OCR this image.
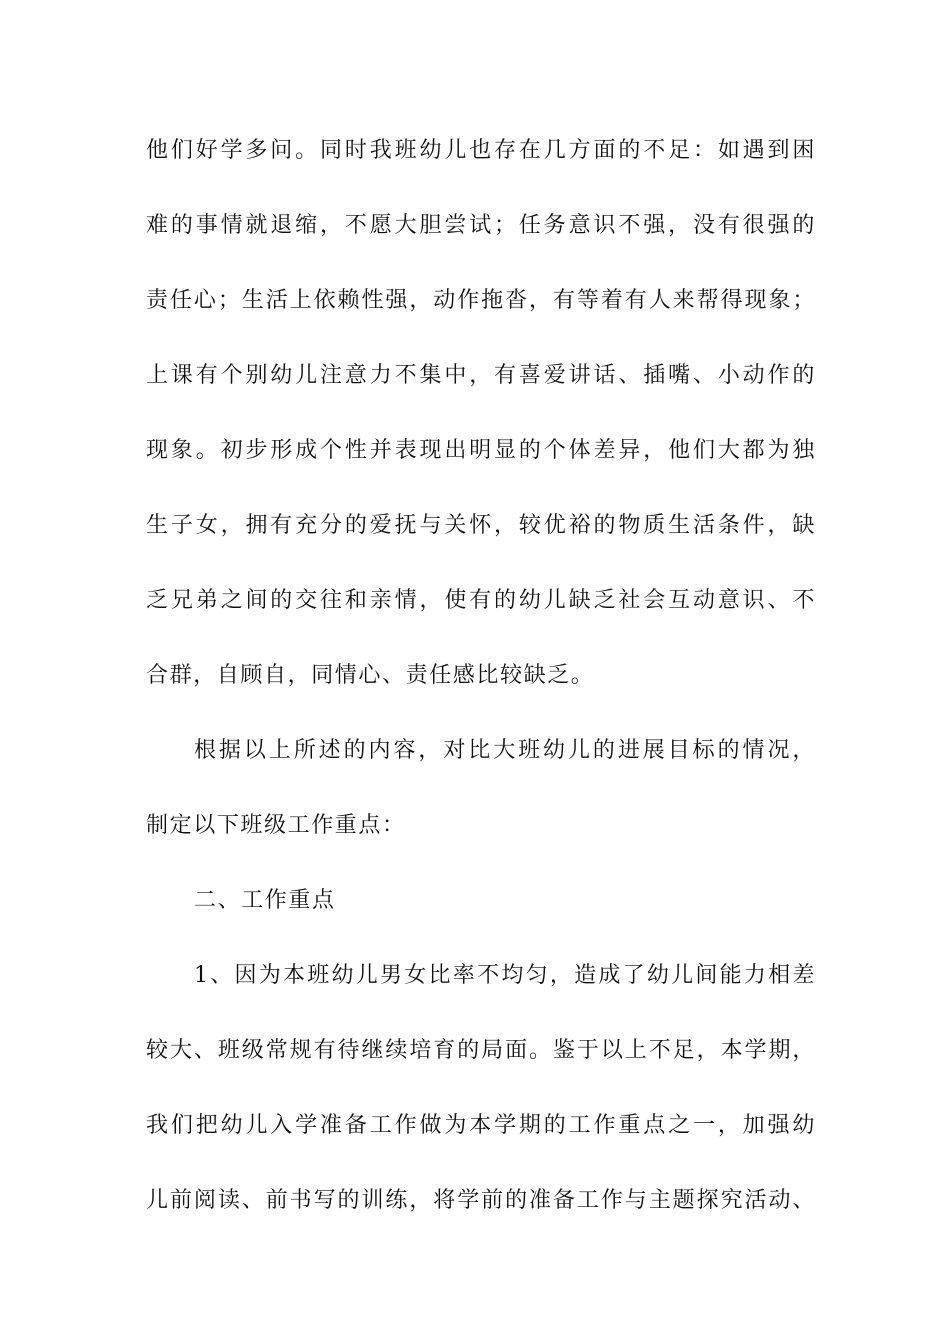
他们好学多问。同时我班幼儿也存在几方面的不足：如遇到困
难的事情就退缩，不愿大胆尝试；任务意识不强，没有很强的
责任心；生活上依赖性强，动作拖沓，有等着有人来帮得现象；
上课有个别幼儿注意力不集中，有喜爱讲话、插嘴、小动作的
现象。初步形成个性并表现出明显的个体差异，他们大都为独
生子女，拥有充分的爱抚与关怀，较优裕的物质生活条件，缺
乏兄弟之间的交往和亲情，使有的幼儿缺乏社会互动意识、不
合群，自顾自，同情心、责任感比较缺乏。
根据以上所述的内容，对比大班幼儿的进展目标的情况，
制定以下班级工作重点：
二、工作重点
1、因为本班幼儿男女比率不均匀，造成了幼儿间能力相差
较大、班级常规有待继续培育的局面。鉴于以上不足，本学期，
我们把幼儿入学准备工作做为本学期的工作重点之一，加强幼
儿前阅读、前书写的训练，将学前的准备工作与主题探究活动、
